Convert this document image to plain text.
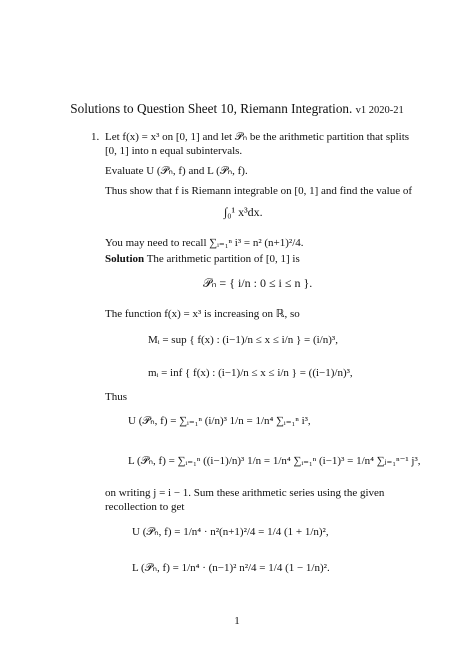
Solutions to Question Sheet 10, Riemann Integration. v1 2020-21
1. Let f(x) = x³ on [0, 1] and let 𝒫ₙ be the arithmetic partition that splits
[0, 1] into n equal subintervals.
Evaluate U (𝒫ₙ, f) and L (𝒫ₙ, f).
Thus show that f is Riemann integrable on [0, 1] and find the value of
∫₀¹ x³dx.
You may need to recall ∑ᵢ₌₁ⁿ i³ = n² (n+1)²/4.
Solution The arithmetic partition of [0, 1] is
𝒫ₙ = { i/n : 0 ≤ i ≤ n }.
The function f(x) = x³ is increasing on ℝ, so
Mᵢ = sup { f(x) : (i−1)/n ≤ x ≤ i/n } = (i/n)³,
mᵢ = inf { f(x) : (i−1)/n ≤ x ≤ i/n } = ((i−1)/n)³,
Thus
U (𝒫ₙ, f) = ∑ᵢ₌₁ⁿ (i/n)³ 1/n = 1/n⁴ ∑ᵢ₌₁ⁿ i³,
L (𝒫ₙ, f) = ∑ᵢ₌₁ⁿ ((i−1)/n)³ 1/n = 1/n⁴ ∑ᵢ₌₁ⁿ (i−1)³ = 1/n⁴ ∑ⱼ₌₁ⁿ⁻¹ j³,
on writing j = i − 1. Sum these arithmetic series using the given
recollection to get
U (𝒫ₙ, f) = 1/n⁴ · n²(n+1)²/4 = 1/4 (1 + 1/n)²,
L (𝒫ₙ, f) = 1/n⁴ · (n−1)² n²/4 = 1/4 (1 − 1/n)².
1
